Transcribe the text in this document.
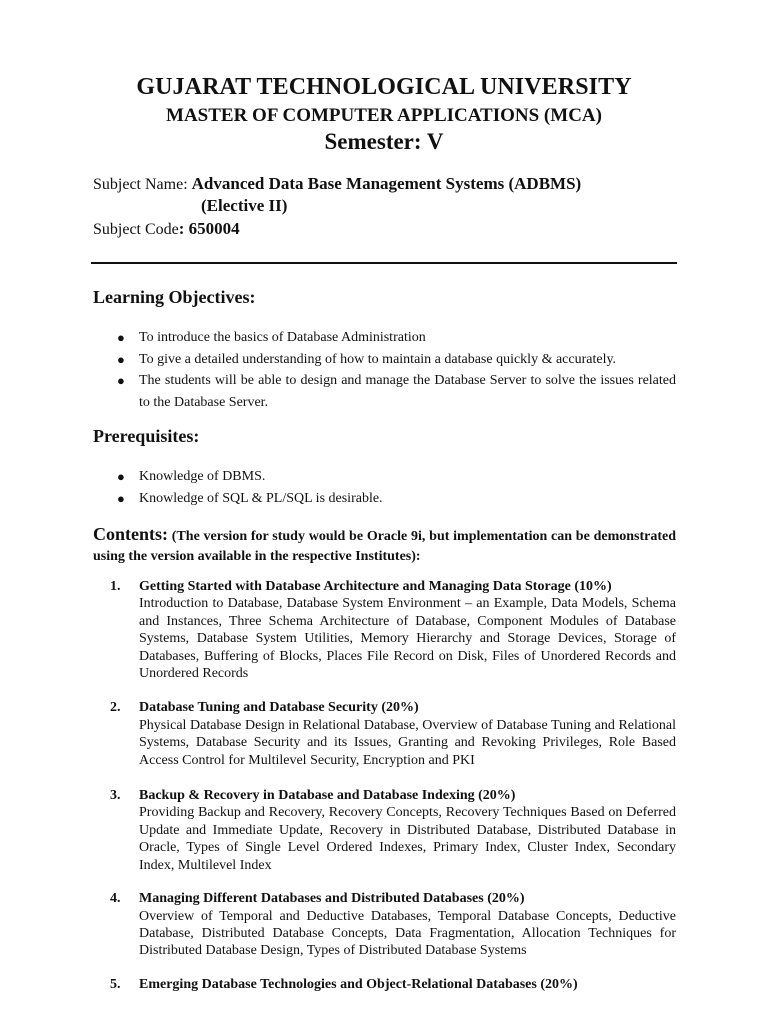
GUJARAT TECHNOLOGICAL UNIVERSITY
MASTER OF COMPUTER APPLICATIONS (MCA)
Semester: V
Subject Name: Advanced Data Base Management Systems (ADBMS)
(Elective II)
Subject Code: 650004
Learning Objectives:
● To introduce the basics of Database Administration
● To give a detailed understanding of how to maintain a database quickly & accurately.
● The students will be able to design and manage the Database Server to solve the issues related to the Database Server.
Prerequisites:
● Knowledge of DBMS.
● Knowledge of SQL & PL/SQL is desirable.
Contents: (The version for study would be Oracle 9i, but implementation can be demonstrated using the version available in the respective Institutes):
1. Getting Started with Database Architecture and Managing Data Storage (10%)
Introduction to Database, Database System Environment – an Example, Data Models, Schema and Instances, Three Schema Architecture of Database, Component Modules of Database Systems, Database System Utilities, Memory Hierarchy and Storage Devices, Storage of Databases, Buffering of Blocks, Places File Record on Disk, Files of Unordered Records and Unordered Records
2. Database Tuning and Database Security (20%)
Physical Database Design in Relational Database, Overview of Database Tuning and Relational Systems, Database Security and its Issues, Granting and Revoking Privileges, Role Based Access Control for Multilevel Security, Encryption and PKI
3. Backup & Recovery in Database and Database Indexing (20%)
Providing Backup and Recovery, Recovery Concepts, Recovery Techniques Based on Deferred Update and Immediate Update, Recovery in Distributed Database, Distributed Database in Oracle, Types of Single Level Ordered Indexes, Primary Index, Cluster Index, Secondary Index, Multilevel Index
4. Managing Different Databases and Distributed Databases (20%)
Overview of Temporal and Deductive Databases, Temporal Database Concepts, Deductive Database, Distributed Database Concepts, Data Fragmentation, Allocation Techniques for Distributed Database Design, Types of Distributed Database Systems
5. Emerging Database Technologies and Object-Relational Databases (20%)
